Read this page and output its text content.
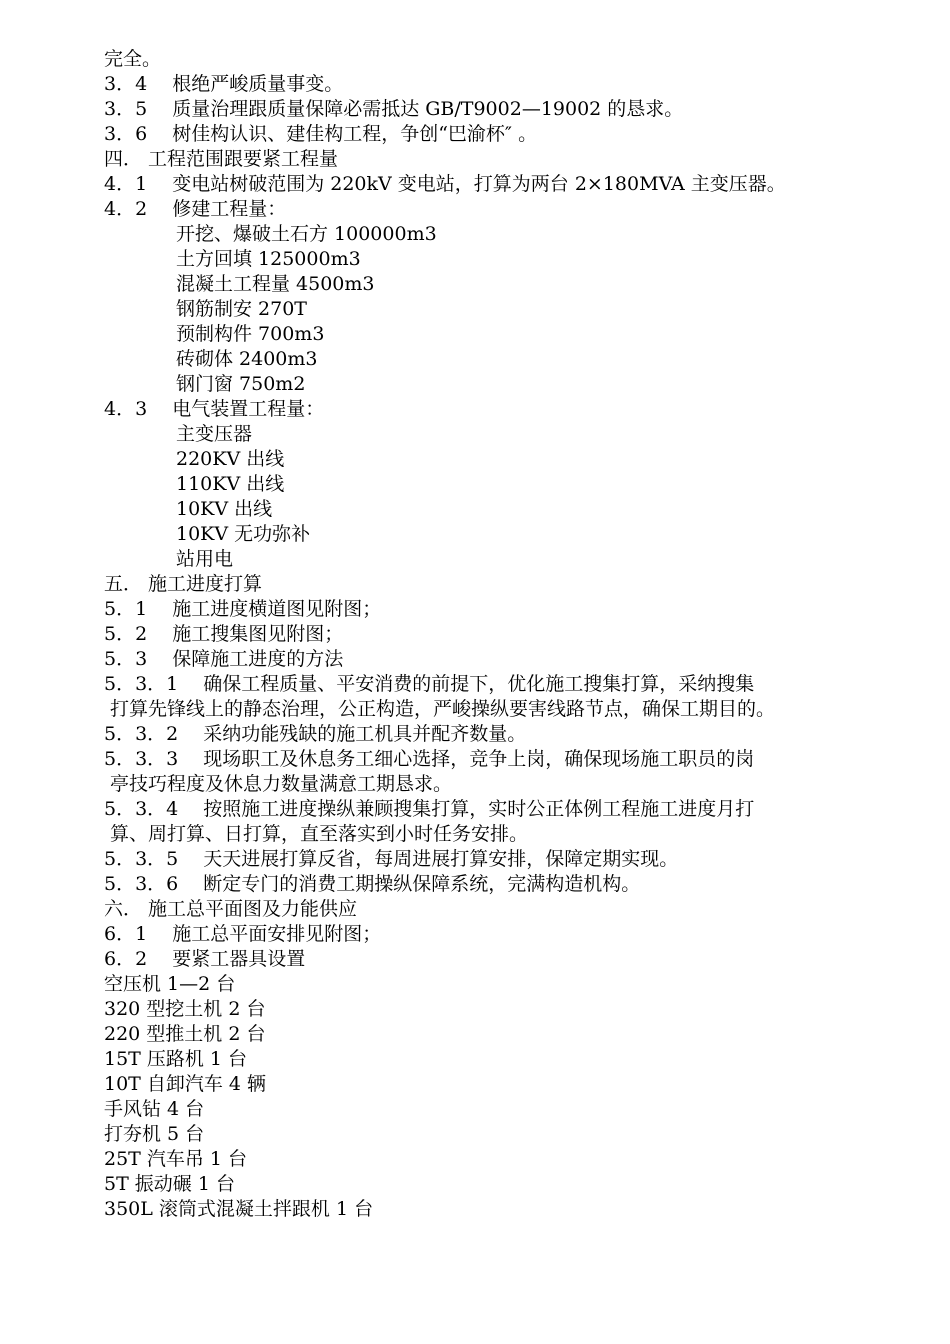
完全。
3．4　 根绝严峻质量事变。
3．5　 质量治理跟质量保障必需抵达 GB/T9002—19002 的恳求。
3．6　 树佳构认识、建佳构工程，争创“巴渝杯″ 。
四． 工程范围跟要紧工程量
4．1　 变电站树破范围为 220kV 变电站，打算为两台 2×180MVA 主变压器。
4．2　 修建工程量：
开挖、爆破土石方 100000m3
土方回填 125000m3
混凝土工程量 4500m3
钢筋制安 270T
预制构件 700m3
砖砌体 2400m3
钢门窗 750m2
4．3　 电气装置工程量：
主变压器
220KV 出线
110KV 出线
10KV 出线
10KV 无功弥补
站用电
五． 施工进度打算
5．1　 施工进度横道图见附图；
5．2　 施工搜集图见附图；
5．3　 保障施工进度的方法
5．3．1　 确保工程质量、平安消费的前提下，优化施工搜集打算，采纳搜集
打算先锋线上的静态治理，公正构造，严峻操纵要害线路节点，确保工期目的。
5．3．2　 采纳功能残缺的施工机具并配齐数量。
5．3．3　 现场职工及休息务工细心选择，竞争上岗，确保现场施工职员的岗
亭技巧程度及休息力数量满意工期恳求。
5．3．4　 按照施工进度操纵兼顾搜集打算，实时公正体例工程施工进度月打
算、周打算、日打算，直至落实到小时任务安排。
5．3．5　 天天进展打算反省，每周进展打算安排，保障定期实现。
5．3．6　 断定专门的消费工期操纵保障系统，完满构造机构。
六． 施工总平面图及力能供应
6．1　 施工总平面安排见附图；
6．2　 要紧工器具设置
空压机 1—2 台
320 型挖土机 2 台
220 型推土机 2 台
15T 压路机 1 台
10T 自卸汽车 4 辆
手风钻 4 台
打夯机 5 台
25T 汽车吊 1 台
5T 振动碾 1 台
350L 滚筒式混凝土拌跟机 1 台
